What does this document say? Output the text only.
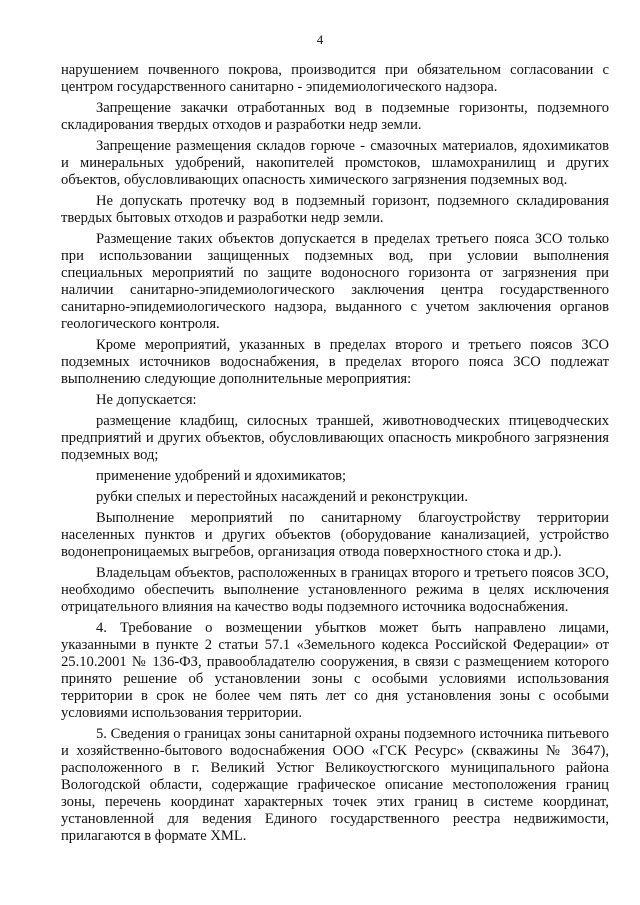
4

нарушением почвенного покрова, производится при обязательном согласовании с центром государственного санитарно - эпидемиологического надзора.

Запрещение закачки отработанных вод в подземные горизонты, подземного складирования твердых отходов и разработки недр земли.

Запрещение размещения складов горюче - смазочных материалов, ядохимикатов и минеральных удобрений, накопителей промстоков, шламохранилищ и других объектов, обусловливающих опасность химического загрязнения подземных вод.

Не допускать протечку вод в подземный горизонт, подземного складирования твердых бытовых отходов и разработки недр земли.

Размещение таких объектов допускается в пределах третьего пояса ЗСО только при использовании защищенных подземных вод, при условии выполнения специальных мероприятий по защите водоносного горизонта от загрязнения при наличии санитарно-эпидемиологического заключения центра государственного санитарно-эпидемиологического надзора, выданного с учетом заключения органов геологического контроля.

Кроме мероприятий, указанных в пределах второго и третьего поясов ЗСО подземных источников водоснабжения, в пределах второго пояса ЗСО подлежат выполнению следующие дополнительные мероприятия:

Не допускается:

размещение кладбищ, силосных траншей, животноводческих птицеводческих предприятий и других объектов, обусловливающих опасность микробного загрязнения подземных вод;

применение удобрений и ядохимикатов;

рубки спелых и перестойных насаждений и реконструкции.

Выполнение мероприятий по санитарному благоустройству территории населенных пунктов и других объектов (оборудование канализацией, устройство водонепроницаемых выгребов, организация отвода поверхностного стока и др.).

Владельцам объектов, расположенных в границах второго и третьего поясов ЗСО, необходимо обеспечить выполнение установленного режима в целях исключения отрицательного влияния на качество воды подземного источника водоснабжения.

4. Требование о возмещении убытков может быть направлено лицами, указанными в пункте 2 статьи 57.1 «Земельного кодекса Российской Федерации» от 25.10.2001 № 136-ФЗ, правообладателю сооружения, в связи с размещением которого принято решение об установлении зоны с особыми условиями использования территории в срок не более чем пять лет со дня установления зоны с особыми условиями использования территории.

5. Сведения о границах зоны санитарной охраны подземного источника питьевого и хозяйственно-бытового водоснабжения ООО «ГСК Ресурс» (скважины № 3647), расположенного в г. Великий Устюг Великоустюгского муниципального района Вологодской области, содержащие графическое описание местоположения границ зоны, перечень координат характерных точек этих границ в системе координат, установленной для ведения Единого государственного реестра недвижимости, прилагаются в формате XML.
